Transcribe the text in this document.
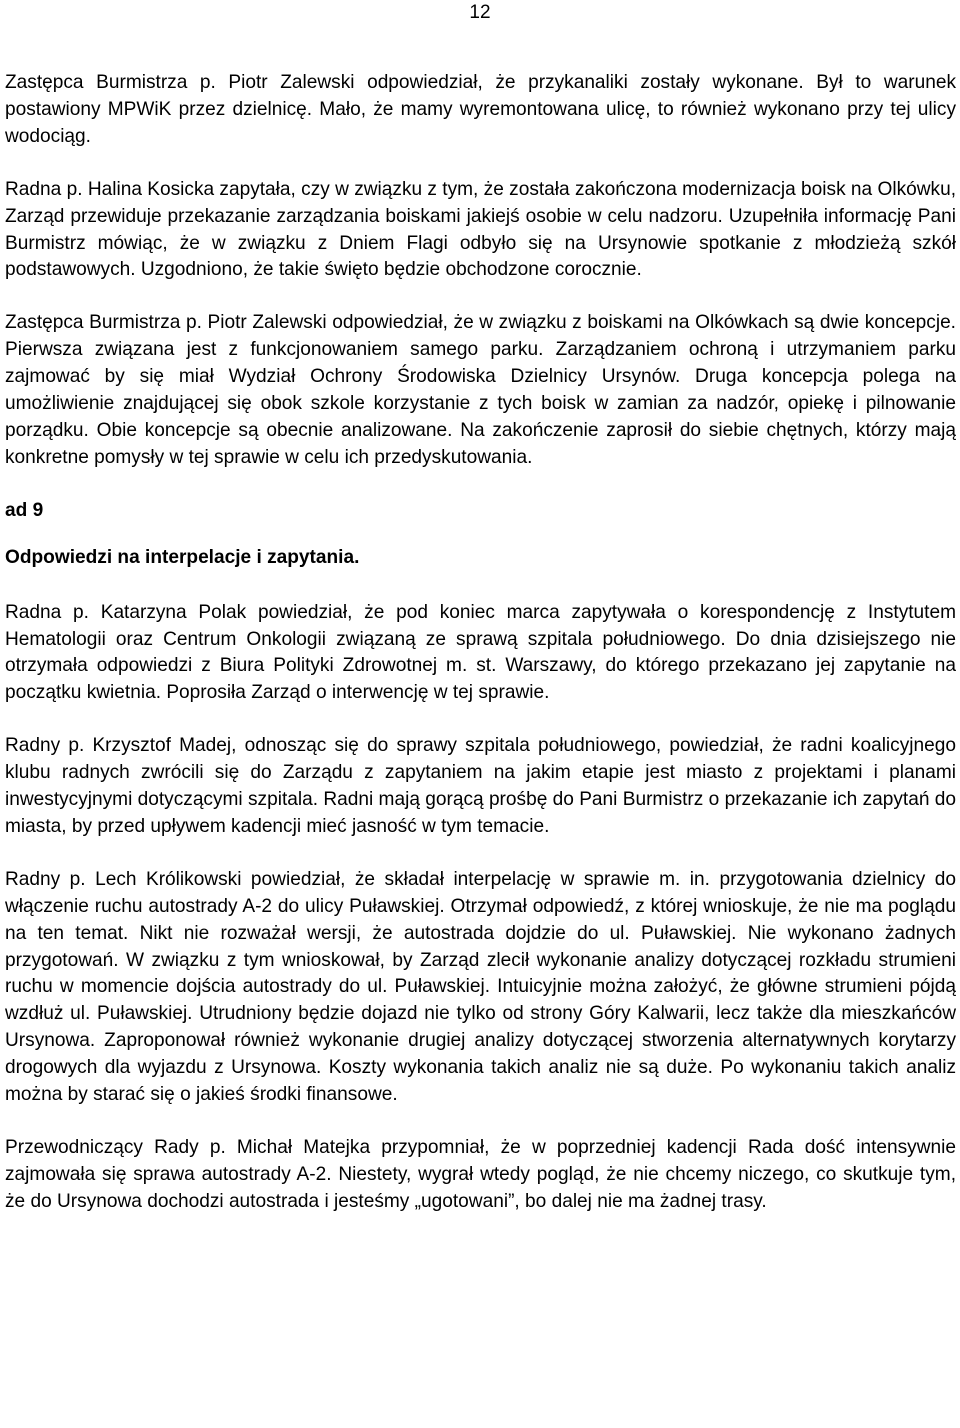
12

Zastępca Burmistrza p. Piotr Zalewski odpowiedział, że przykanaliki zostały wykonane. Był to warunek postawiony MPWiK przez dzielnicę. Mało, że mamy wyremontowana ulicę, to również wykonano przy tej ulicy wodociąg.

Radna p. Halina Kosicka zapytała, czy w związku z tym, że została zakończona modernizacja boisk na Olkówku, Zarząd przewiduje przekazanie zarządzania boiskami jakiejś osobie w celu nadzoru. Uzupełniła informację Pani Burmistrz mówiąc, że w związku z Dniem Flagi odbyło się na Ursynowie spotkanie z młodzieżą szkół podstawowych. Uzgodniono, że takie święto będzie obchodzone corocznie.

Zastępca Burmistrza p. Piotr Zalewski odpowiedział, że w związku z boiskami na Olkówkach są dwie koncepcje. Pierwsza związana jest z funkcjonowaniem samego parku. Zarządzaniem ochroną i utrzymaniem parku zajmować by się miał Wydział Ochrony Środowiska Dzielnicy Ursynów. Druga koncepcja polega na umożliwienie znajdującej się obok szkole korzystanie z tych boisk w zamian za nadzór, opiekę i pilnowanie porządku. Obie koncepcje są obecnie analizowane. Na zakończenie zaprosił do siebie chętnych, którzy mają konkretne pomysły w tej sprawie w celu ich przedyskutowania.

ad 9

Odpowiedzi na interpelacje i zapytania.

Radna p. Katarzyna Polak powiedział, że pod koniec marca zapytywała o korespondencję z Instytutem Hematologii oraz Centrum Onkologii związaną ze sprawą szpitala południowego. Do dnia dzisiejszego nie otrzymała odpowiedzi z Biura Polityki Zdrowotnej m. st. Warszawy, do którego przekazano jej zapytanie na początku kwietnia. Poprosiła Zarząd o interwencję w tej sprawie.

Radny p. Krzysztof Madej, odnosząc się do sprawy szpitala południowego, powiedział, że radni koalicyjnego klubu radnych zwrócili się do Zarządu z zapytaniem na jakim etapie jest miasto z projektami i planami inwestycyjnymi dotyczącymi szpitala. Radni mają gorącą prośbę do Pani Burmistrz o przekazanie ich zapytań do miasta, by przed upływem kadencji mieć jasność w tym temacie.

Radny p. Lech Królikowski powiedział, że składał interpelację w sprawie m. in. przygotowania dzielnicy do włączenie ruchu autostrady A-2 do ulicy Puławskiej. Otrzymał odpowiedź, z której wnioskuje, że nie ma poglądu na ten temat. Nikt nie rozważał wersji, że autostrada dojdzie do ul. Puławskiej. Nie wykonano żadnych przygotowań. W związku z tym wnioskował, by Zarząd zlecił wykonanie analizy dotyczącej rozkładu strumieni ruchu w momencie dojścia autostrady do ul. Puławskiej. Intuicyjnie można założyć, że główne strumieni pójdą wzdłuż ul. Puławskiej. Utrudniony będzie dojazd nie tylko od strony Góry Kalwarii, lecz także dla mieszkańców Ursynowa. Zaproponował również wykonanie drugiej analizy dotyczącej stworzenia alternatywnych korytarzy drogowych dla wyjazdu z Ursynowa. Koszty wykonania takich analiz nie są duże. Po wykonaniu takich analiz można by starać się o jakieś środki finansowe.

Przewodniczący Rady p. Michał Matejka przypomniał, że w poprzedniej kadencji Rada dość intensywnie zajmowała się sprawa autostrady A-2. Niestety, wygrał wtedy pogląd, że nie chcemy niczego, co skutkuje tym, że do Ursynowa dochodzi autostrada i jesteśmy „ugotowani”, bo dalej nie ma żadnej trasy.
